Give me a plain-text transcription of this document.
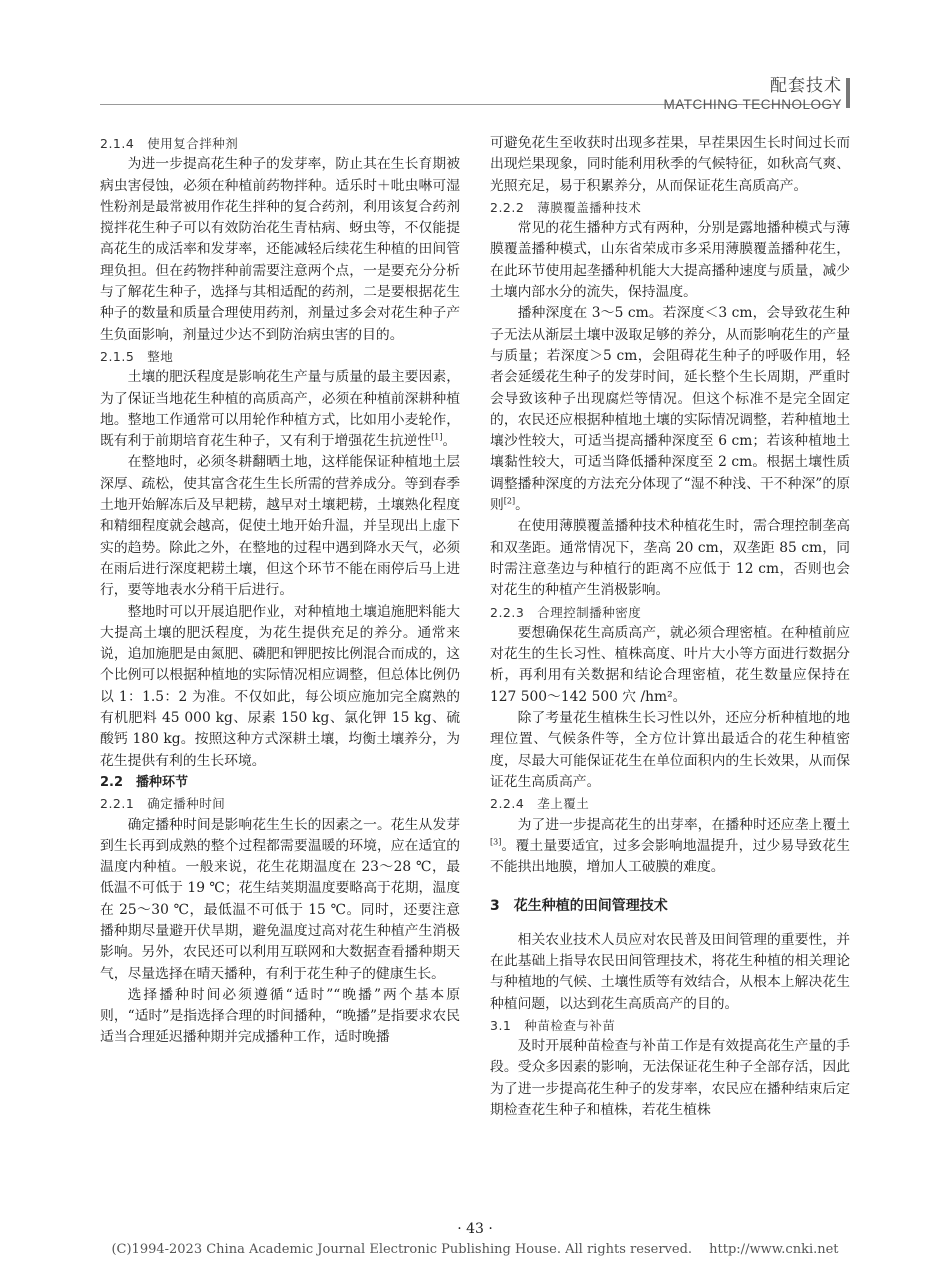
配套技术
MATCHING TECHNOLOGY

2.1.4　使用复合拌种剂

为进一步提高花生种子的发芽率，防止其在生长育期被病虫害侵蚀，必须在种植前药物拌种。适乐时＋吡虫啉可湿性粉剂是最常被用作花生拌种的复合药剂，利用该复合药剂搅拌花生种子可以有效防治花生青枯病、蚜虫等，不仅能提高花生的成活率和发芽率，还能减轻后续花生种植的田间管理负担。但在药物拌种前需要注意两个点，一是要充分分析与了解花生种子，选择与其相适配的药剂，二是要根据花生种子的数量和质量合理使用药剂，剂量过多会对花生种子产生负面影响，剂量过少达不到防治病虫害的目的。

2.1.5　整地

土壤的肥沃程度是影响花生产量与质量的最主要因素，为了保证当地花生种植的高质高产，必须在种植前深耕种植地。整地工作通常可以用轮作种植方式，比如用小麦轮作，既有利于前期培育花生种子，又有利于增强花生抗逆性[1]。

在整地时，必须冬耕翻晒土地，这样能保证种植地土层深厚、疏松，使其富含花生生长所需的营养成分。等到春季土地开始解冻后及早耙耢，越早对土壤耙耢，土壤熟化程度和精细程度就会越高，促使土地开始升温，并呈现出上虚下实的趋势。除此之外，在整地的过程中遇到降水天气，必须在雨后进行深度耙耢土壤，但这个环节不能在雨停后马上进行，要等地表水分稍干后进行。

整地时可以开展追肥作业，对种植地土壤追施肥料能大大提高土壤的肥沃程度，为花生提供充足的养分。通常来说，追加施肥是由氮肥、磷肥和钾肥按比例混合而成的，这个比例可以根据种植地的实际情况相应调整，但总体比例仍以 1：1.5：2 为准。不仅如此，每公顷应施加完全腐熟的有机肥料 45 000 kg、尿素 150 kg、氯化钾 15 kg、硫酸钙 180 kg。按照这种方式深耕土壤，均衡土壤养分，为花生提供有利的生长环境。

2.2　播种环节

2.2.1　确定播种时间

确定播种时间是影响花生生长的因素之一。花生从发芽到生长再到成熟的整个过程都需要温暖的环境，应在适宜的温度内种植。一般来说，花生花期温度在 23～28 ℃，最低温不可低于 19 ℃；花生结荚期温度要略高于花期，温度在 25～30 ℃，最低温不可低于 15 ℃。同时，还要注意播种期尽量避开伏旱期，避免温度过高对花生种植产生消极影响。另外，农民还可以利用互联网和大数据查看播种期天气，尽量选择在晴天播种，有利于花生种子的健康生长。

选择播种时间必须遵循“适时”“晚播”两个基本原则，“适时”是指选择合理的时间播种，“晚播”是指要求农民适当合理延迟播种期并完成播种工作，适时晚播

可避免花生至收获时出现多茬果，早茬果因生长时间过长而出现烂果现象，同时能利用秋季的气候特征，如秋高气爽、光照充足，易于积累养分，从而保证花生高质高产。

2.2.2　薄膜覆盖播种技术

常见的花生播种方式有两种，分别是露地播种模式与薄膜覆盖播种模式，山东省荣成市多采用薄膜覆盖播种花生，在此环节使用起垄播种机能大大提高播种速度与质量，减少土壤内部水分的流失，保持温度。

播种深度在 3～5 cm。若深度＜3 cm，会导致花生种子无法从渐层土壤中汲取足够的养分，从而影响花生的产量与质量；若深度＞5 cm，会阻碍花生种子的呼吸作用，轻者会延缓花生种子的发芽时间，延长整个生长周期，严重时会导致该种子出现腐烂等情况。但这个标准不是完全固定的，农民还应根据种植地土壤的实际情况调整，若种植地土壤沙性较大，可适当提高播种深度至 6 cm；若该种植地土壤黏性较大，可适当降低播种深度至 2 cm。根据土壤性质调整播种深度的方法充分体现了“湿不种浅、干不种深”的原则[2]。

在使用薄膜覆盖播种技术种植花生时，需合理控制垄高和双垄距。通常情况下，垄高 20 cm，双垄距 85 cm，同时需注意垄边与种植行的距离不应低于 12 cm，否则也会对花生的种植产生消极影响。

2.2.3　合理控制播种密度

要想确保花生高质高产，就必须合理密植。在种植前应对花生的生长习性、植株高度、叶片大小等方面进行数据分析，再利用有关数据和结论合理密植，花生数量应保持在 127 500～142 500 穴 /hm²。

除了考量花生植株生长习性以外，还应分析种植地的地理位置、气候条件等，全方位计算出最适合的花生种植密度，尽最大可能保证花生在单位面积内的生长效果，从而保证花生高质高产。

2.2.4　垄上覆土

为了进一步提高花生的出芽率，在播种时还应垄上覆土[3]。覆土量要适宜，过多会影响地温提升，过少易导致花生不能拱出地膜，增加人工破膜的难度。

3　花生种植的田间管理技术

相关农业技术人员应对农民普及田间管理的重要性，并在此基础上指导农民田间管理技术，将花生种植的相关理论与种植地的气候、土壤性质等有效结合，从根本上解决花生种植问题，以达到花生高质高产的目的。

3.1　种苗检查与补苗

及时开展种苗检查与补苗工作是有效提高花生产量的手段。受众多因素的影响，无法保证花生种子全部存活，因此为了进一步提高花生种子的发芽率，农民应在播种结束后定期检查花生种子和植株，若花生植株

· 43 ·
(C)1994-2023 China Academic Journal Electronic Publishing House. All rights reserved.　 http://www.cnki.net
